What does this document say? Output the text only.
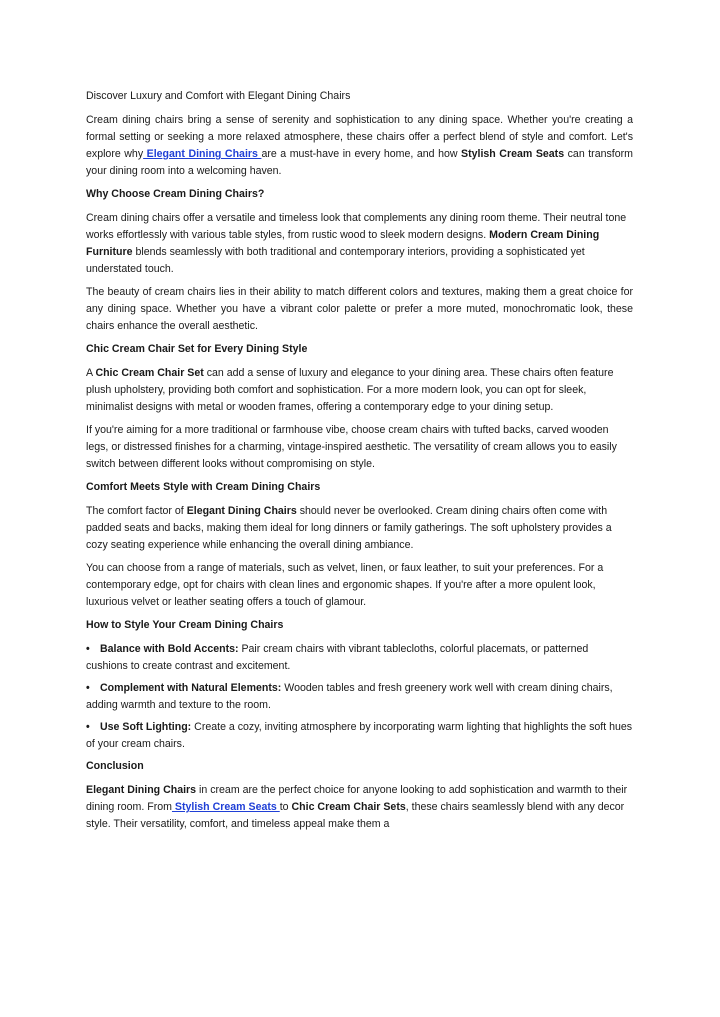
Discover Luxury and Comfort with Elegant Dining Chairs

Cream dining chairs bring a sense of serenity and sophistication to any dining space. Whether you're creating a formal setting or seeking a more relaxed atmosphere, these chairs offer a perfect blend of style and comfort. Let's explore why Elegant Dining Chairs are a must-have in every home, and how Stylish Cream Seats can transform your dining room into a welcoming haven.

Why Choose Cream Dining Chairs?

Cream dining chairs offer a versatile and timeless look that complements any dining room theme. Their neutral tone works effortlessly with various table styles, from rustic wood to sleek modern designs. Modern Cream Dining Furniture blends seamlessly with both traditional and contemporary interiors, providing a sophisticated yet understated touch.

The beauty of cream chairs lies in their ability to match different colors and textures, making them a great choice for any dining space. Whether you have a vibrant color palette or prefer a more muted, monochromatic look, these chairs enhance the overall aesthetic.

Chic Cream Chair Set for Every Dining Style

A Chic Cream Chair Set can add a sense of luxury and elegance to your dining area. These chairs often feature plush upholstery, providing both comfort and sophistication. For a more modern look, you can opt for sleek, minimalist designs with metal or wooden frames, offering a contemporary edge to your dining setup.

If you're aiming for a more traditional or farmhouse vibe, choose cream chairs with tufted backs, carved wooden legs, or distressed finishes for a charming, vintage-inspired aesthetic. The versatility of cream allows you to easily switch between different looks without compromising on style.

Comfort Meets Style with Cream Dining Chairs

The comfort factor of Elegant Dining Chairs should never be overlooked. Cream dining chairs often come with padded seats and backs, making them ideal for long dinners or family gatherings. The soft upholstery provides a cozy seating experience while enhancing the overall dining ambiance.

You can choose from a range of materials, such as velvet, linen, or faux leather, to suit your preferences. For a contemporary edge, opt for chairs with clean lines and ergonomic shapes. If you're after a more opulent look, luxurious velvet or leather seating offers a touch of glamour.

How to Style Your Cream Dining Chairs

• Balance with Bold Accents: Pair cream chairs with vibrant tablecloths, colorful placemats, or patterned cushions to create contrast and excitement.
• Complement with Natural Elements: Wooden tables and fresh greenery work well with cream dining chairs, adding warmth and texture to the room.
• Use Soft Lighting: Create a cozy, inviting atmosphere by incorporating warm lighting that highlights the soft hues of your cream chairs.

Conclusion

Elegant Dining Chairs in cream are the perfect choice for anyone looking to add sophistication and warmth to their dining room. From Stylish Cream Seats to Chic Cream Chair Sets, these chairs seamlessly blend with any decor style. Their versatility, comfort, and timeless appeal make them a
